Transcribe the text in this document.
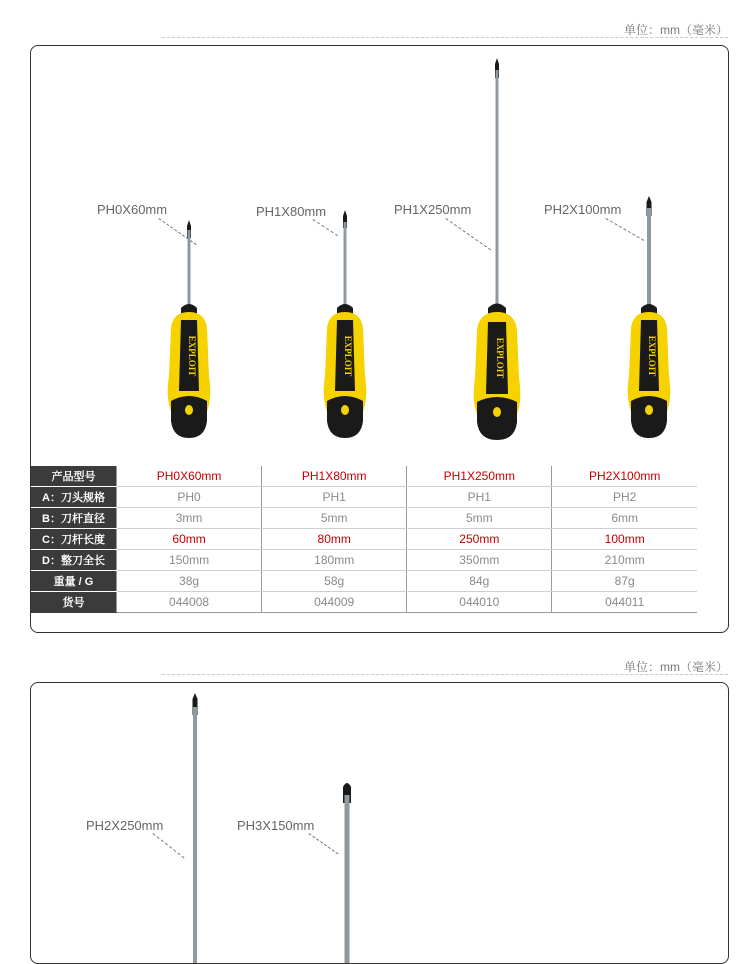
单位：mm（毫米）
PH0X60mm	PH1X80mm	PH1X250mm	PH2X100mm
EXPLOIT	EXPLOIT	EXPLOIT	EXPLOIT
产品型号	PH0X60mm	PH1X80mm	PH1X250mm	PH2X100mm
A：刀头规格	PH0	PH1	PH1	PH2
B：刀杆直径	3mm	5mm	5mm	6mm
C：刀杆长度	60mm	80mm	250mm	100mm
D：整刀全长	150mm	180mm	350mm	210mm
重量 / G	38g	58g	84g	87g
货号	044008	044009	044010	044011
单位：mm（毫米）
PH2X250mm	PH3X150mm
